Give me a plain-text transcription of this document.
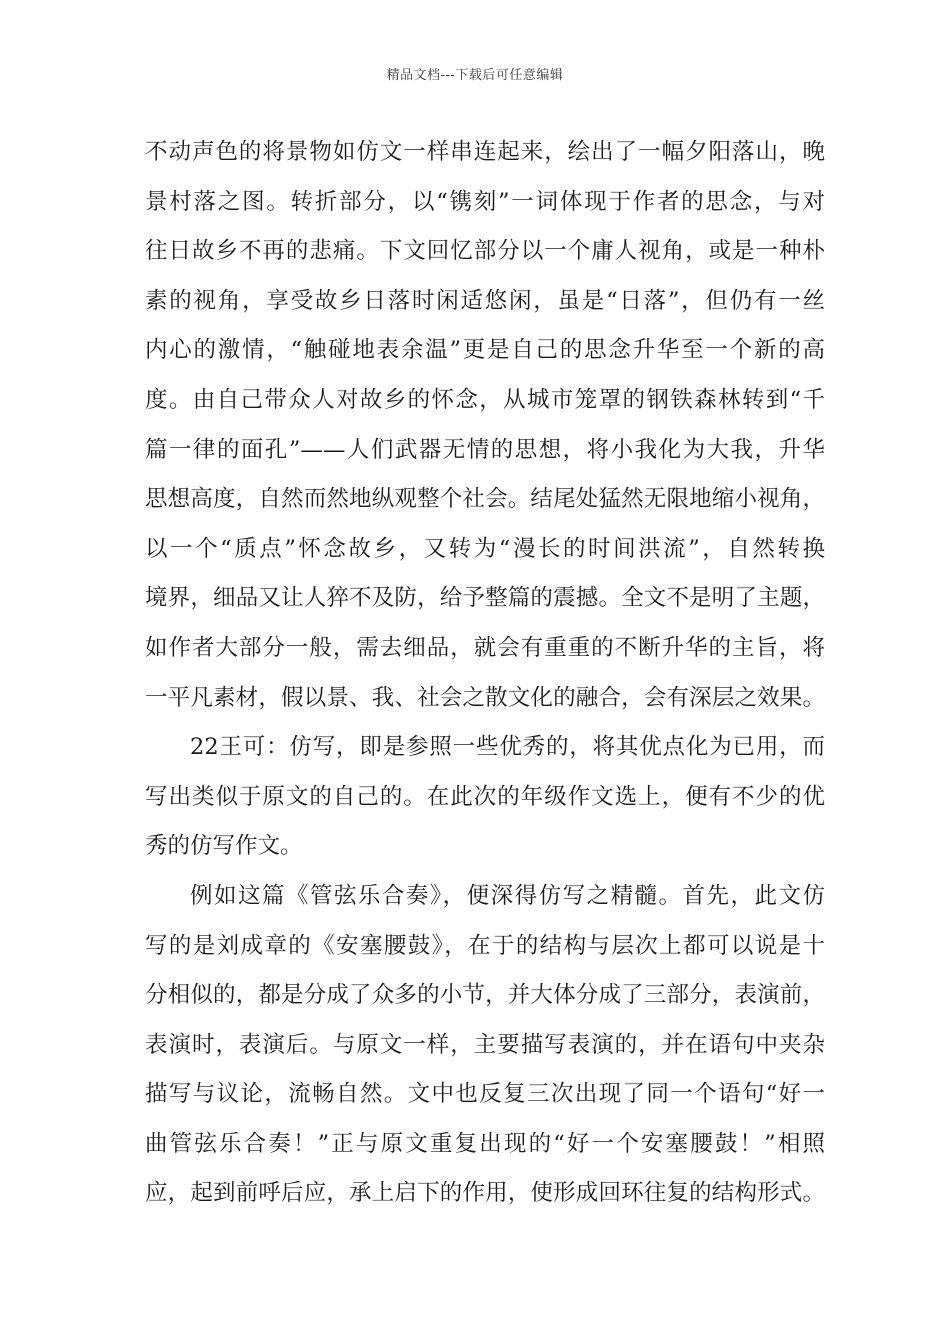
精品文档---下载后可任意编辑
不动声色的将景物如仿文一样串连起来，绘出了一幅夕阳落山，晚
景村落之图。转折部分，以“镌刻”一词体现于作者的思念，与对
往日故乡不再的悲痛。下文回忆部分以一个庸人视角，或是一种朴
素的视角，享受故乡日落时闲适悠闲，虽是“日落”，但仍有一丝
内心的激情，“触碰地表余温”更是自己的思念升华至一个新的高
度。由自己带众人对故乡的怀念，从城市笼罩的钢铁森林转到“千
篇一律的面孔”——人们武器无情的思想，将小我化为大我，升华
思想高度，自然而然地纵观整个社会。结尾处猛然无限地缩小视角，
以一个“质点”怀念故乡，又转为“漫长的时间洪流”，自然转换
境界，细品又让人猝不及防，给予整篇的震撼。全文不是明了主题，
如作者大部分一般，需去细品，就会有重重的不断升华的主旨，将
一平凡素材，假以景、我、社会之散文化的融合，会有深层之效果。
22王可：仿写，即是参照一些优秀的，将其优点化为已用，而
写出类似于原文的自己的。在此次的年级作文选上，便有不少的优
秀的仿写作文。
例如这篇《管弦乐合奏》，便深得仿写之精髓。首先，此文仿
写的是刘成章的《安塞腰鼓》，在于的结构与层次上都可以说是十
分相似的，都是分成了众多的小节，并大体分成了三部分，表演前，
表演时，表演后。与原文一样，主要描写表演的，并在语句中夹杂
描写与议论，流畅自然。文中也反复三次出现了同一个语句“好一
曲管弦乐合奏！”正与原文重复出现的“好一个安塞腰鼓！”相照
应，起到前呼后应，承上启下的作用，使形成回环往复的结构形式。
